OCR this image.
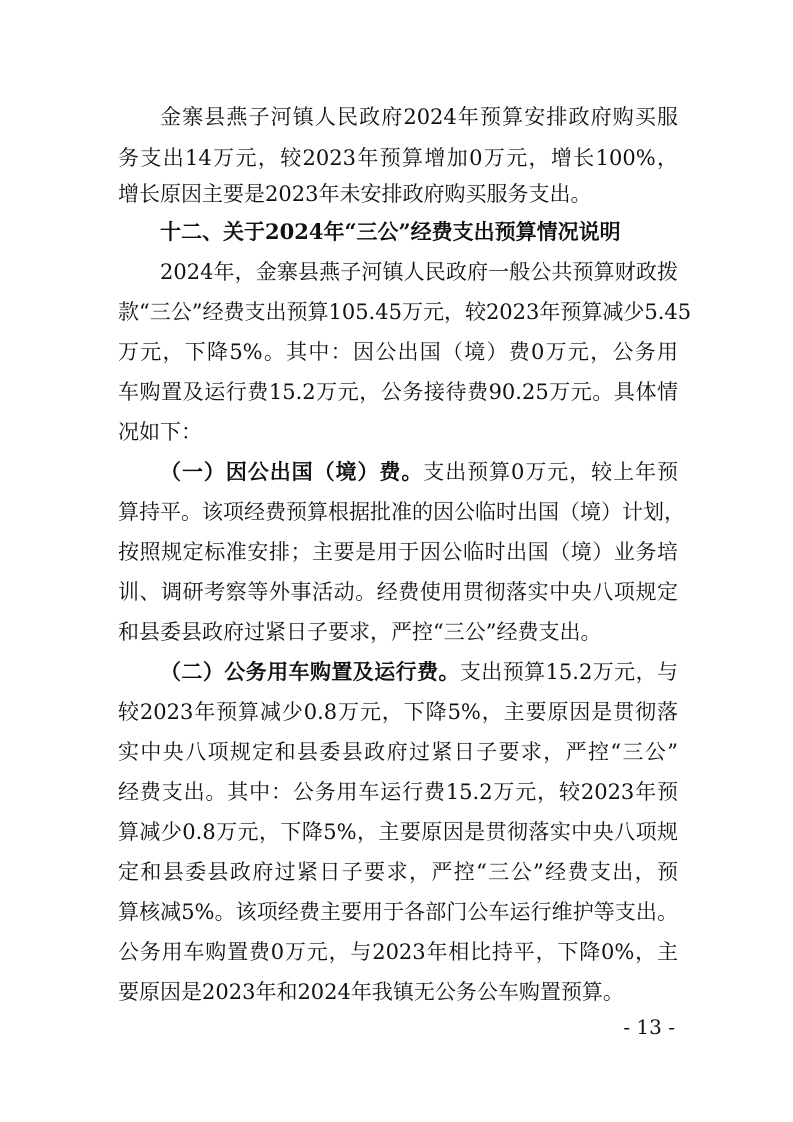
金寨县燕子河镇人民政府2024年预算安排政府购买服
务支出14万元，较2023年预算增加0万元，增长100%，
增长原因主要是2023年未安排政府购买服务支出。
十二、关于2024年“三公”经费支出预算情况说明
2024年，金寨县燕子河镇人民政府一般公共预算财政拨
款“三公”经费支出预算105.45万元，较2023年预算减少5.45
万元，下降5%。其中：因公出国（境）费0万元，公务用
车购置及运行费15.2万元，公务接待费90.25万元。具体情
况如下：
（一）因公出国（境）费。支出预算0万元，较上年预
算持平。该项经费预算根据批准的因公临时出国（境）计划，
按照规定标准安排；主要是用于因公临时出国（境）业务培
训、调研考察等外事活动。经费使用贯彻落实中央八项规定
和县委县政府过紧日子要求，严控“三公”经费支出。
（二）公务用车购置及运行费。支出预算15.2万元，与
较2023年预算减少0.8万元，下降5%，主要原因是贯彻落
实中央八项规定和县委县政府过紧日子要求，严控“三公”
经费支出。其中：公务用车运行费15.2万元，较2023年预
算减少0.8万元，下降5%，主要原因是贯彻落实中央八项规
定和县委县政府过紧日子要求，严控“三公”经费支出，预
算核减5%。该项经费主要用于各部门公车运行维护等支出。
公务用车购置费0万元，与2023年相比持平，下降0%，主
要原因是2023年和2024年我镇无公务公车购置预算。
- 13 -
